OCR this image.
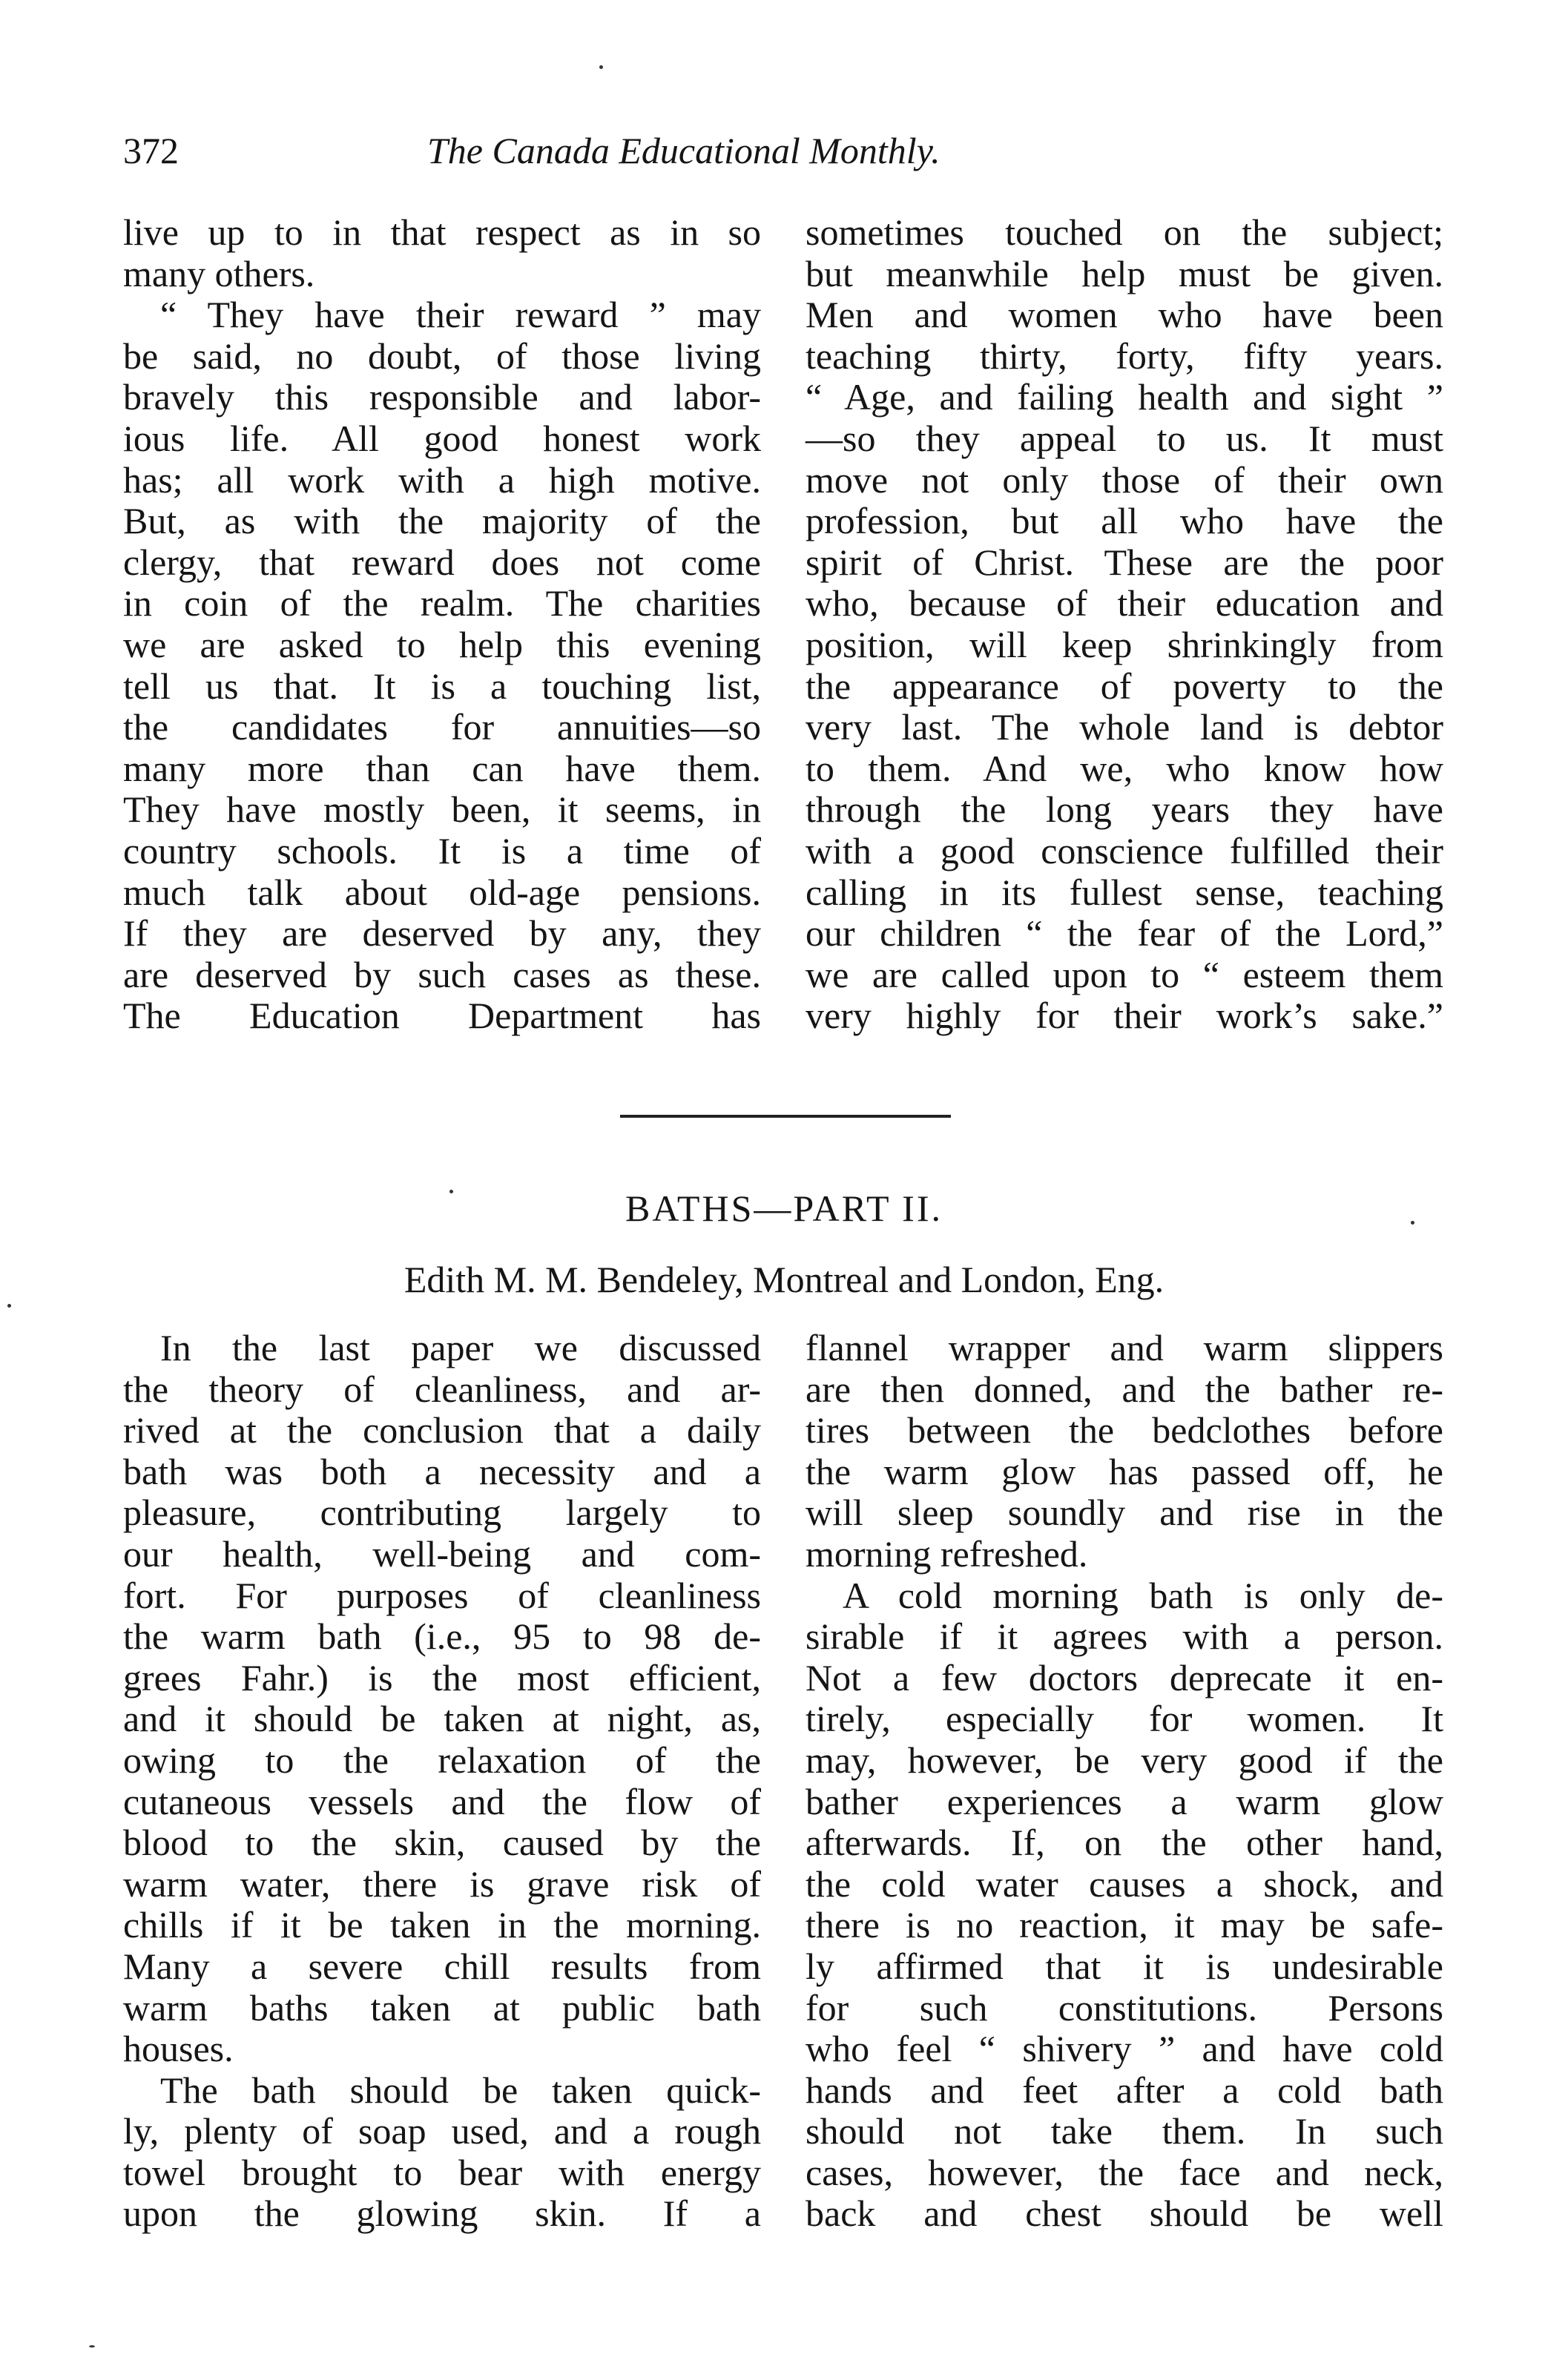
372	The Canada Educational Monthly.
live up to in that respect as in so
many others.
“ They have their reward ” may
be said, no doubt, of those living
bravely this responsible and labor-
ious life. All good honest work
has; all work with a high motive.
But, as with the majority of the
clergy, that reward does not come
in coin of the realm. The charities
we are asked to help this evening
tell us that. It is a touching list,
the candidates for annuities—so
many more than can have them.
They have mostly been, it seems, in
country schools. It is a time of
much talk about old-age pensions.
If they are deserved by any, they
are deserved by such cases as these.
The Education Department has
sometimes touched on the subject;
but meanwhile help must be given.
Men and women who have been
teaching thirty, forty, fifty years.
“ Age, and failing health and sight ”
—so they appeal to us. It must
move not only those of their own
profession, but all who have the
spirit of Christ. These are the poor
who, because of their education and
position, will keep shrinkingly from
the appearance of poverty to the
very last. The whole land is debtor
to them. And we, who know how
through the long years they have
with a good conscience fulfilled their
calling in its fullest sense, teaching
our children “ the fear of the Lord,”
we are called upon to “ esteem them
very highly for their work’s sake.”
BATHS—PART II.
Edith M. M. Bendeley, Montreal and London, Eng.
In the last paper we discussed
the theory of cleanliness, and ar-
rived at the conclusion that a daily
bath was both a necessity and a
pleasure, contributing largely to
our health, well-being and com-
fort. For purposes of cleanliness
the warm bath (i.e., 95 to 98 de-
grees Fahr.) is the most efficient,
and it should be taken at night, as,
owing to the relaxation of the
cutaneous vessels and the flow of
blood to the skin, caused by the
warm water, there is grave risk of
chills if it be taken in the morning.
Many a severe chill results from
warm baths taken at public bath
houses.
The bath should be taken quick-
ly, plenty of soap used, and a rough
towel brought to bear with energy
upon the glowing skin. If a
flannel wrapper and warm slippers
are then donned, and the bather re-
tires between the bedclothes before
the warm glow has passed off, he
will sleep soundly and rise in the
morning refreshed.
A cold morning bath is only de-
sirable if it agrees with a person.
Not a few doctors deprecate it en-
tirely, especially for women. It
may, however, be very good if the
bather experiences a warm glow
afterwards. If, on the other hand,
the cold water causes a shock, and
there is no reaction, it may be safe-
ly affirmed that it is undesirable
for such constitutions. Persons
who feel “ shivery ” and have cold
hands and feet after a cold bath
should not take them. In such
cases, however, the face and neck,
back and chest should be well
